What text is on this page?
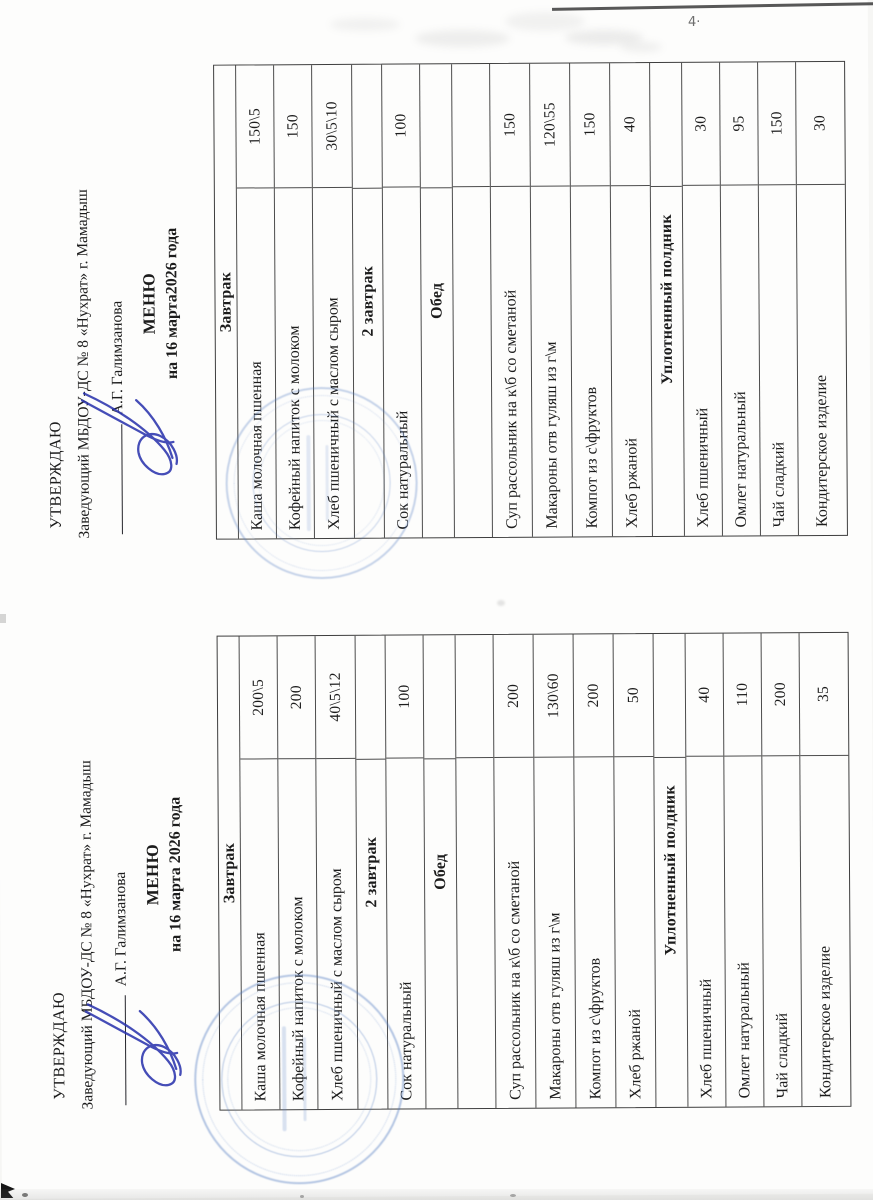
УТВЕРЖДАЮ Заведующий МБДОУ-ДС № 8 «Нухрат» г. Мамадыш А.Г. Галимзанова МЕНЮ на 16 марта 2026 года Завтрак
Каша молочная пшенная
200\5
Кофейный напиток с молоком
200
Хлеб пшеничный с маслом сыром
40\5\12
2 завтрак
Сок натуральный
100
Обед	Суп рассольник на к\б со сметаной
200
Макароны отв гуляш из г\м
130\60
Компот из с\фруктов
200
Хлеб ржаной
50
Уплотненный полдник
Хлеб пшеничный
40
Омлет натуральный
110
Чай сладкий
200
Кондитерское изделие
35
УТВЕРЖДАЮ Заведующий МБДОУ-ДС № 8 «Нухрат» г. Мамадыш А.Г. Галимзанова МЕНЮ на 16 марта2026 года Завтрак
Каша молочная пшенная
150\5
Кофейный напиток с молоком
150
Хлеб пшеничный с маслом сыром
30\5\10
2 завтрак
Сок натуральный
100
Обед	Суп рассольник на к\б со сметаной
150
Макароны отв гуляш из г\м
120\55
Компот из с\фруктов
150
Хлеб ржаной
40
Уплотненный полдник
Хлеб пшеничный
30
Омлет натуральный
95
Чай сладкий
150
Кондитерское изделие
30
4·
